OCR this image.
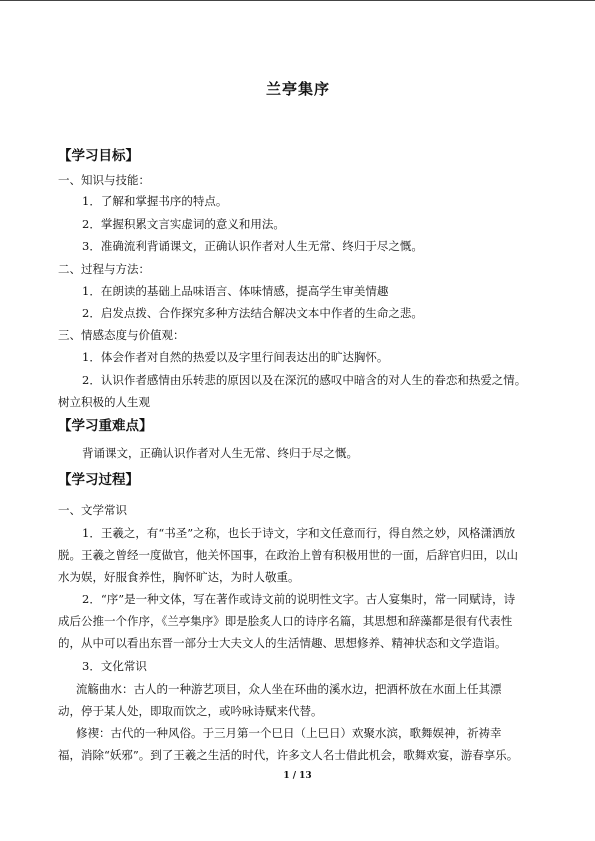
兰亭集序
【学习目标】
一、知识与技能：
1．了解和掌握书序的特点。
2．掌握积累文言实虚词的意义和用法。
3．准确流利背诵课文，正确认识作者对人生无常、终归于尽之慨。
二、过程与方法：
1．在朗读的基础上品味语言、体味情感，提高学生审美情趣
2．启发点拨、合作探究多种方法结合解决文本中作者的生命之悲。
三、情感态度与价值观：
1．体会作者对自然的热爱以及字里行间表达出的旷达胸怀。
2．认识作者感情由乐转悲的原因以及在深沉的感叹中暗含的对人生的眷恋和热爱之情。
树立积极的人生观
【学习重难点】
背诵课文，正确认识作者对人生无常、终归于尽之慨。
【学习过程】
一、文学常识
1．王羲之，有“书圣”之称，也长于诗文，字和文任意而行，得自然之妙，风格潇洒放
脱。王羲之曾经一度做官，他关怀国事，在政治上曾有积极用世的一面，后辞官归田，以山
水为娱，好服食养性，胸怀旷达，为时人敬重。
2．“序”是一种文体，写在著作或诗文前的说明性文字。古人宴集时，常一同赋诗，诗
成后公推一个作序，《兰亭集序》即是脍炙人口的诗序名篇，其思想和辞藻都是很有代表性
的，从中可以看出东晋一部分士大夫文人的生活情趣、思想修养、精神状态和文学造诣。
3．文化常识
流觞曲水：古人的一种游艺项目，众人坐在环曲的溪水边，把酒杯放在水面上任其漂
动，停于某人处，即取而饮之，或吟咏诗赋来代替。
修禊：古代的一种风俗。于三月第一个巳日（上巳日）欢聚水滨，歌舞娱神，祈祷幸
福，消除“妖邪”。到了王羲之生活的时代，许多文人名士借此机会，歌舞欢宴，游春享乐。
1 / 13
